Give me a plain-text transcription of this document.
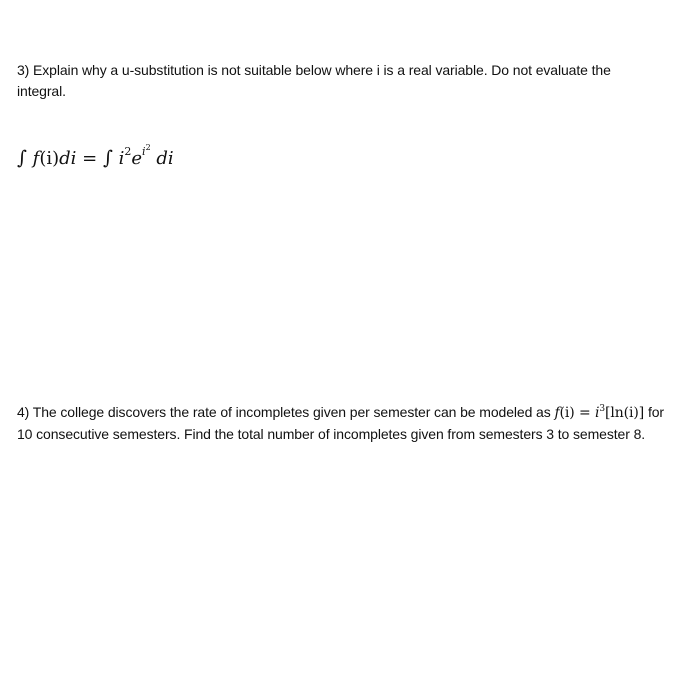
3) Explain why a u-substitution is not suitable below where i is a real variable. Do not evaluate the integral.
∫ f(i)di = ∫ $i^2e^{i^2}$ di
4) The college discovers the rate of incompletes given per semester can be modeled as $f(i) = i^3[\ln(i)]$ for 10 consecutive semesters. Find the total number of incompletes given from semesters 3 to semester 8.
